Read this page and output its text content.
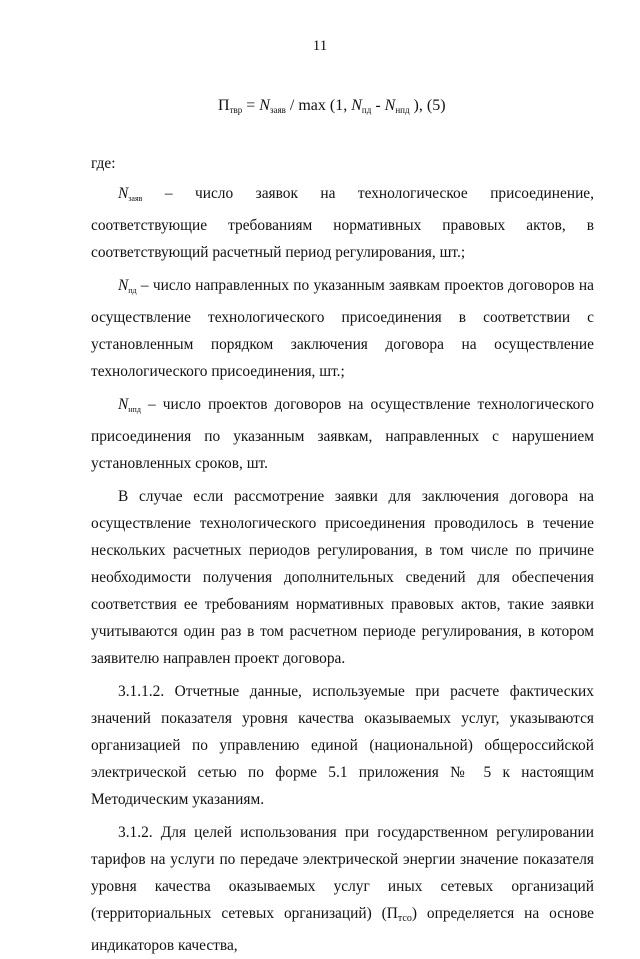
11
$П_{твр} = N_{заяв} / \max (1$, $N_{пд} - N_{нпд}$ ), (5)

где:

Nзаяв – число заявок на технологическое присоединение, соответствующие требованиям нормативных правовых актов, в соответствующий расчетный период регулирования, шт.;

Nпд – число направленных по указанным заявкам проектов договоров на осуществление технологического присоединения в соответствии с установленным порядком заключения договора на осуществление технологического присоединения, шт.;

Nнпд – число проектов договоров на осуществление технологического присоединения по указанным заявкам, направленных с нарушением установленных сроков, шт.

В случае если рассмотрение заявки для заключения договора на осуществление технологического присоединения проводилось в течение нескольких расчетных периодов регулирования, в том числе по причине необходимости получения дополнительных сведений для обеспечения соответствия ее требованиям нормативных правовых актов, такие заявки учитываются один раз в том расчетном периоде регулирования, в котором заявителю направлен проект договора.

3.1.1.2. Отчетные данные, используемые при расчете фактических значений показателя уровня качества оказываемых услуг, указываются организацией по управлению единой (национальной) общероссийской электрической сетью по форме 5.1 приложения № 5 к настоящим Методическим указаниям.

3.1.2. Для целей использования при государственном регулировании тарифов на услуги по передаче электрической энергии значение показателя уровня качества оказываемых услуг иных сетевых организаций (территориальных сетевых организаций) (Птсо) определяется на основе индикаторов качества,
